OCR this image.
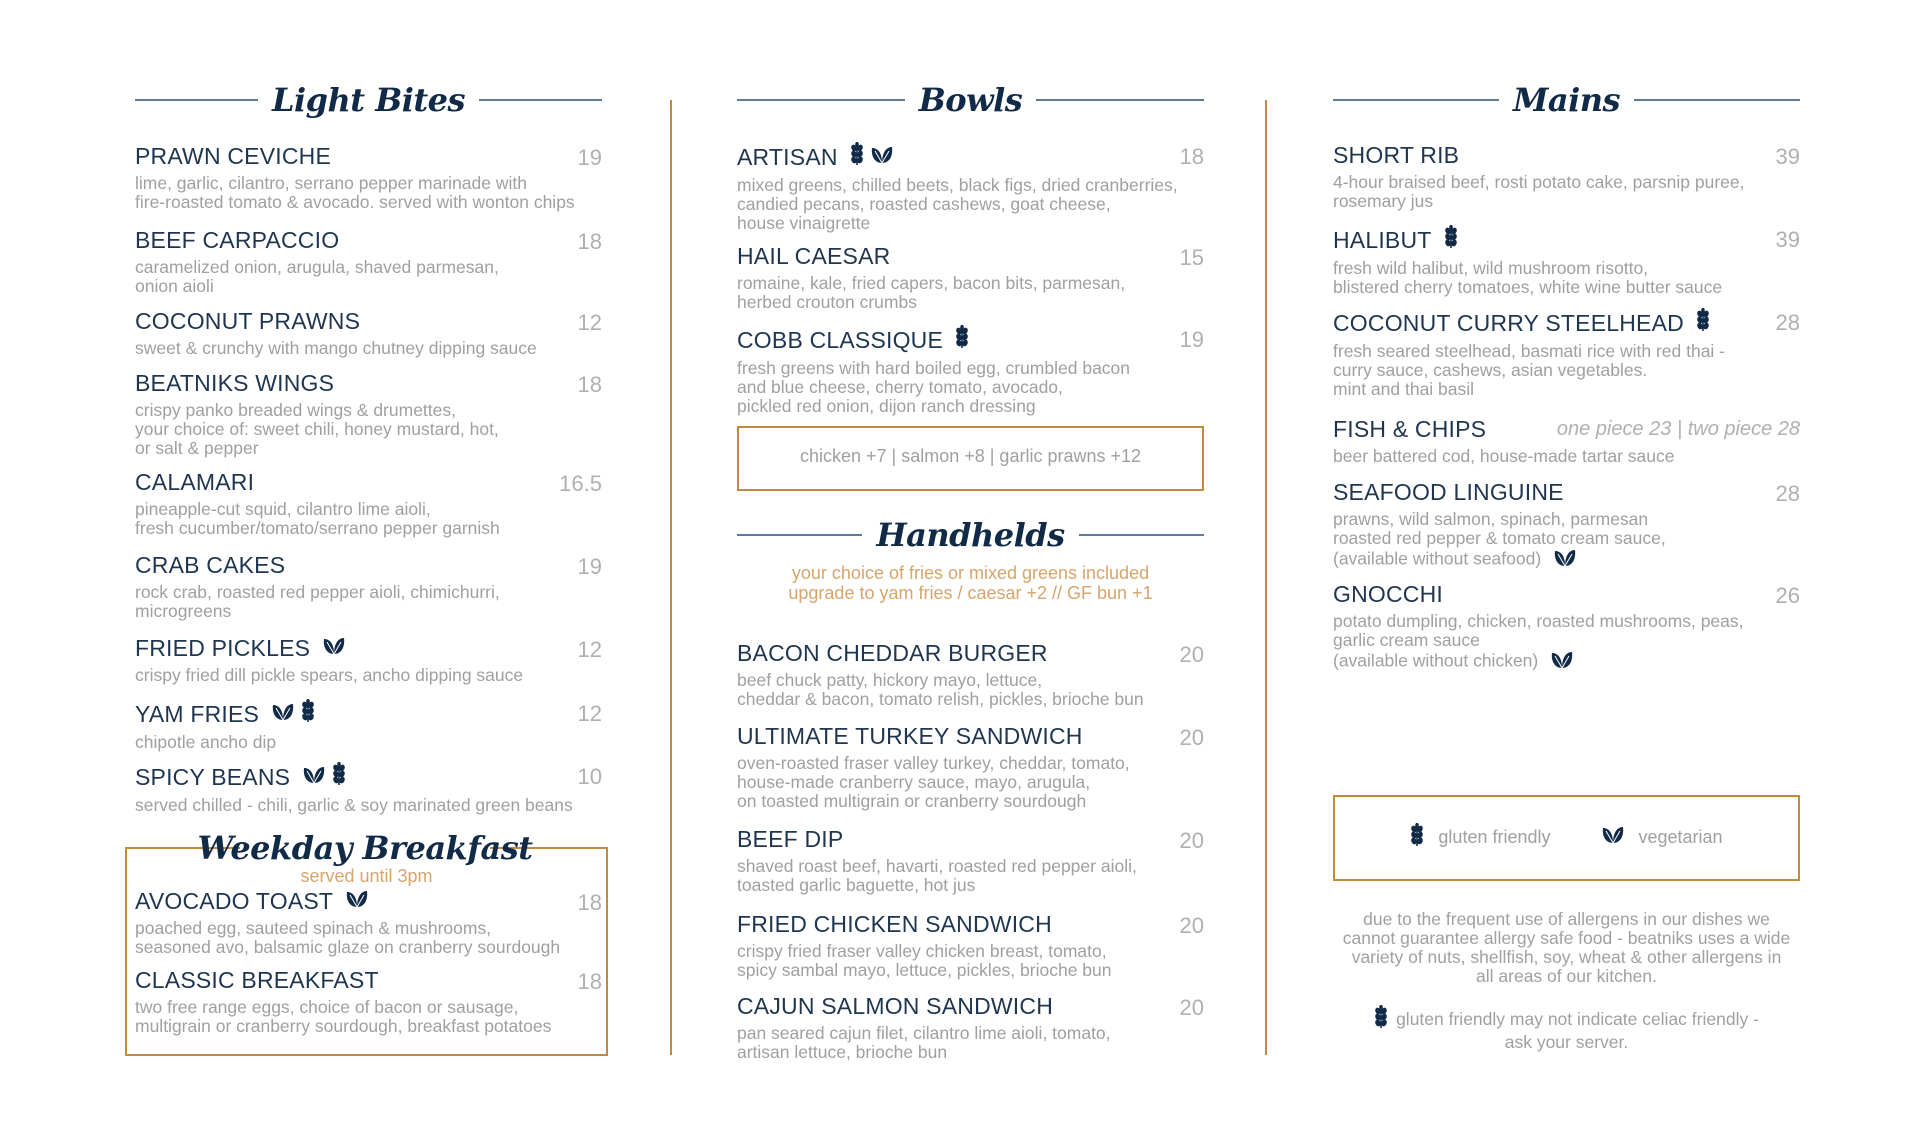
Light Bites
PRAWN CEVICHE	19
lime, garlic, cilantro, serrano pepper marinade with
fire-roasted tomato & avocado. served with wonton chips
BEEF CARPACCIO	18
caramelized onion, arugula, shaved parmesan,
onion aioli
COCONUT PRAWNS	12
sweet & crunchy with mango chutney dipping sauce
BEATNIKS WINGS	18
crispy panko breaded wings & drumettes,
your choice of: sweet chili, honey mustard, hot,
or salt & pepper
CALAMARI	16.5
pineapple-cut squid, cilantro lime aioli,
fresh cucumber/tomato/serrano pepper garnish
CRAB CAKES	19
rock crab, roasted red pepper aioli, chimichurri,
microgreens
FRIED PICKLES	12
crispy fried dill pickle spears, ancho dipping sauce
YAM FRIES	12
chipotle ancho dip
SPICY BEANS	10
served chilled - chili, garlic & soy marinated green beans
Weekday Breakfast
served until 3pm
AVOCADO TOAST	18
poached egg, sauteed spinach & mushrooms,
seasoned avo, balsamic glaze on cranberry sourdough
CLASSIC BREAKFAST	18
two free range eggs, choice of bacon or sausage,
multigrain or cranberry sourdough, breakfast potatoes
Bowls
ARTISAN	18
mixed greens, chilled beets, black figs, dried cranberries,
candied pecans, roasted cashews, goat cheese,
house vinaigrette
HAIL CAESAR	15
romaine, kale, fried capers, bacon bits, parmesan,
herbed crouton crumbs
COBB CLASSIQUE	19
fresh greens with hard boiled egg, crumbled bacon
and blue cheese, cherry tomato, avocado,
pickled red onion, dijon ranch dressing
chicken +7 | salmon +8 | garlic prawns +12
Handhelds
your choice of fries or mixed greens included
upgrade to yam fries / caesar +2 // GF bun +1
BACON CHEDDAR BURGER	20
beef chuck patty, hickory mayo, lettuce,
cheddar & bacon, tomato relish, pickles, brioche bun
ULTIMATE TURKEY SANDWICH	20
oven-roasted fraser valley turkey, cheddar, tomato,
house-made cranberry sauce, mayo, arugula,
on toasted multigrain or cranberry sourdough
BEEF DIP	20
shaved roast beef, havarti, roasted red pepper aioli,
toasted garlic baguette, hot jus
FRIED CHICKEN SANDWICH	20
crispy fried fraser valley chicken breast, tomato,
spicy sambal mayo, lettuce, pickles, brioche bun
CAJUN SALMON SANDWICH	20
pan seared cajun filet, cilantro lime aioli, tomato,
artisan lettuce, brioche bun
Mains
SHORT RIB	39
4-hour braised beef, rosti potato cake, parsnip puree,
rosemary jus
HALIBUT	39
fresh wild halibut, wild mushroom risotto,
blistered cherry tomatoes, white wine butter sauce
COCONUT CURRY STEELHEAD	28
fresh seared steelhead, basmati rice with red thai -
curry sauce, cashews, asian vegetables.
mint and thai basil
FISH & CHIPS	one piece 23 | two piece 28
beer battered cod, house-made tartar sauce
SEAFOOD LINGUINE	28
prawns, wild salmon, spinach, parmesan
roasted red pepper & tomato cream sauce,
(available without seafood)
GNOCCHI	26
potato dumpling, chicken, roasted mushrooms, peas,
garlic cream sauce
(available without chicken)
gluten friendly	vegetarian
due to the frequent use of allergens in our dishes we
cannot guarantee allergy safe food - beatniks uses a wide
variety of nuts, shellfish, soy, wheat & other allergens in
all areas of our kitchen.
gluten friendly may not indicate celiac friendly -
ask your server.
